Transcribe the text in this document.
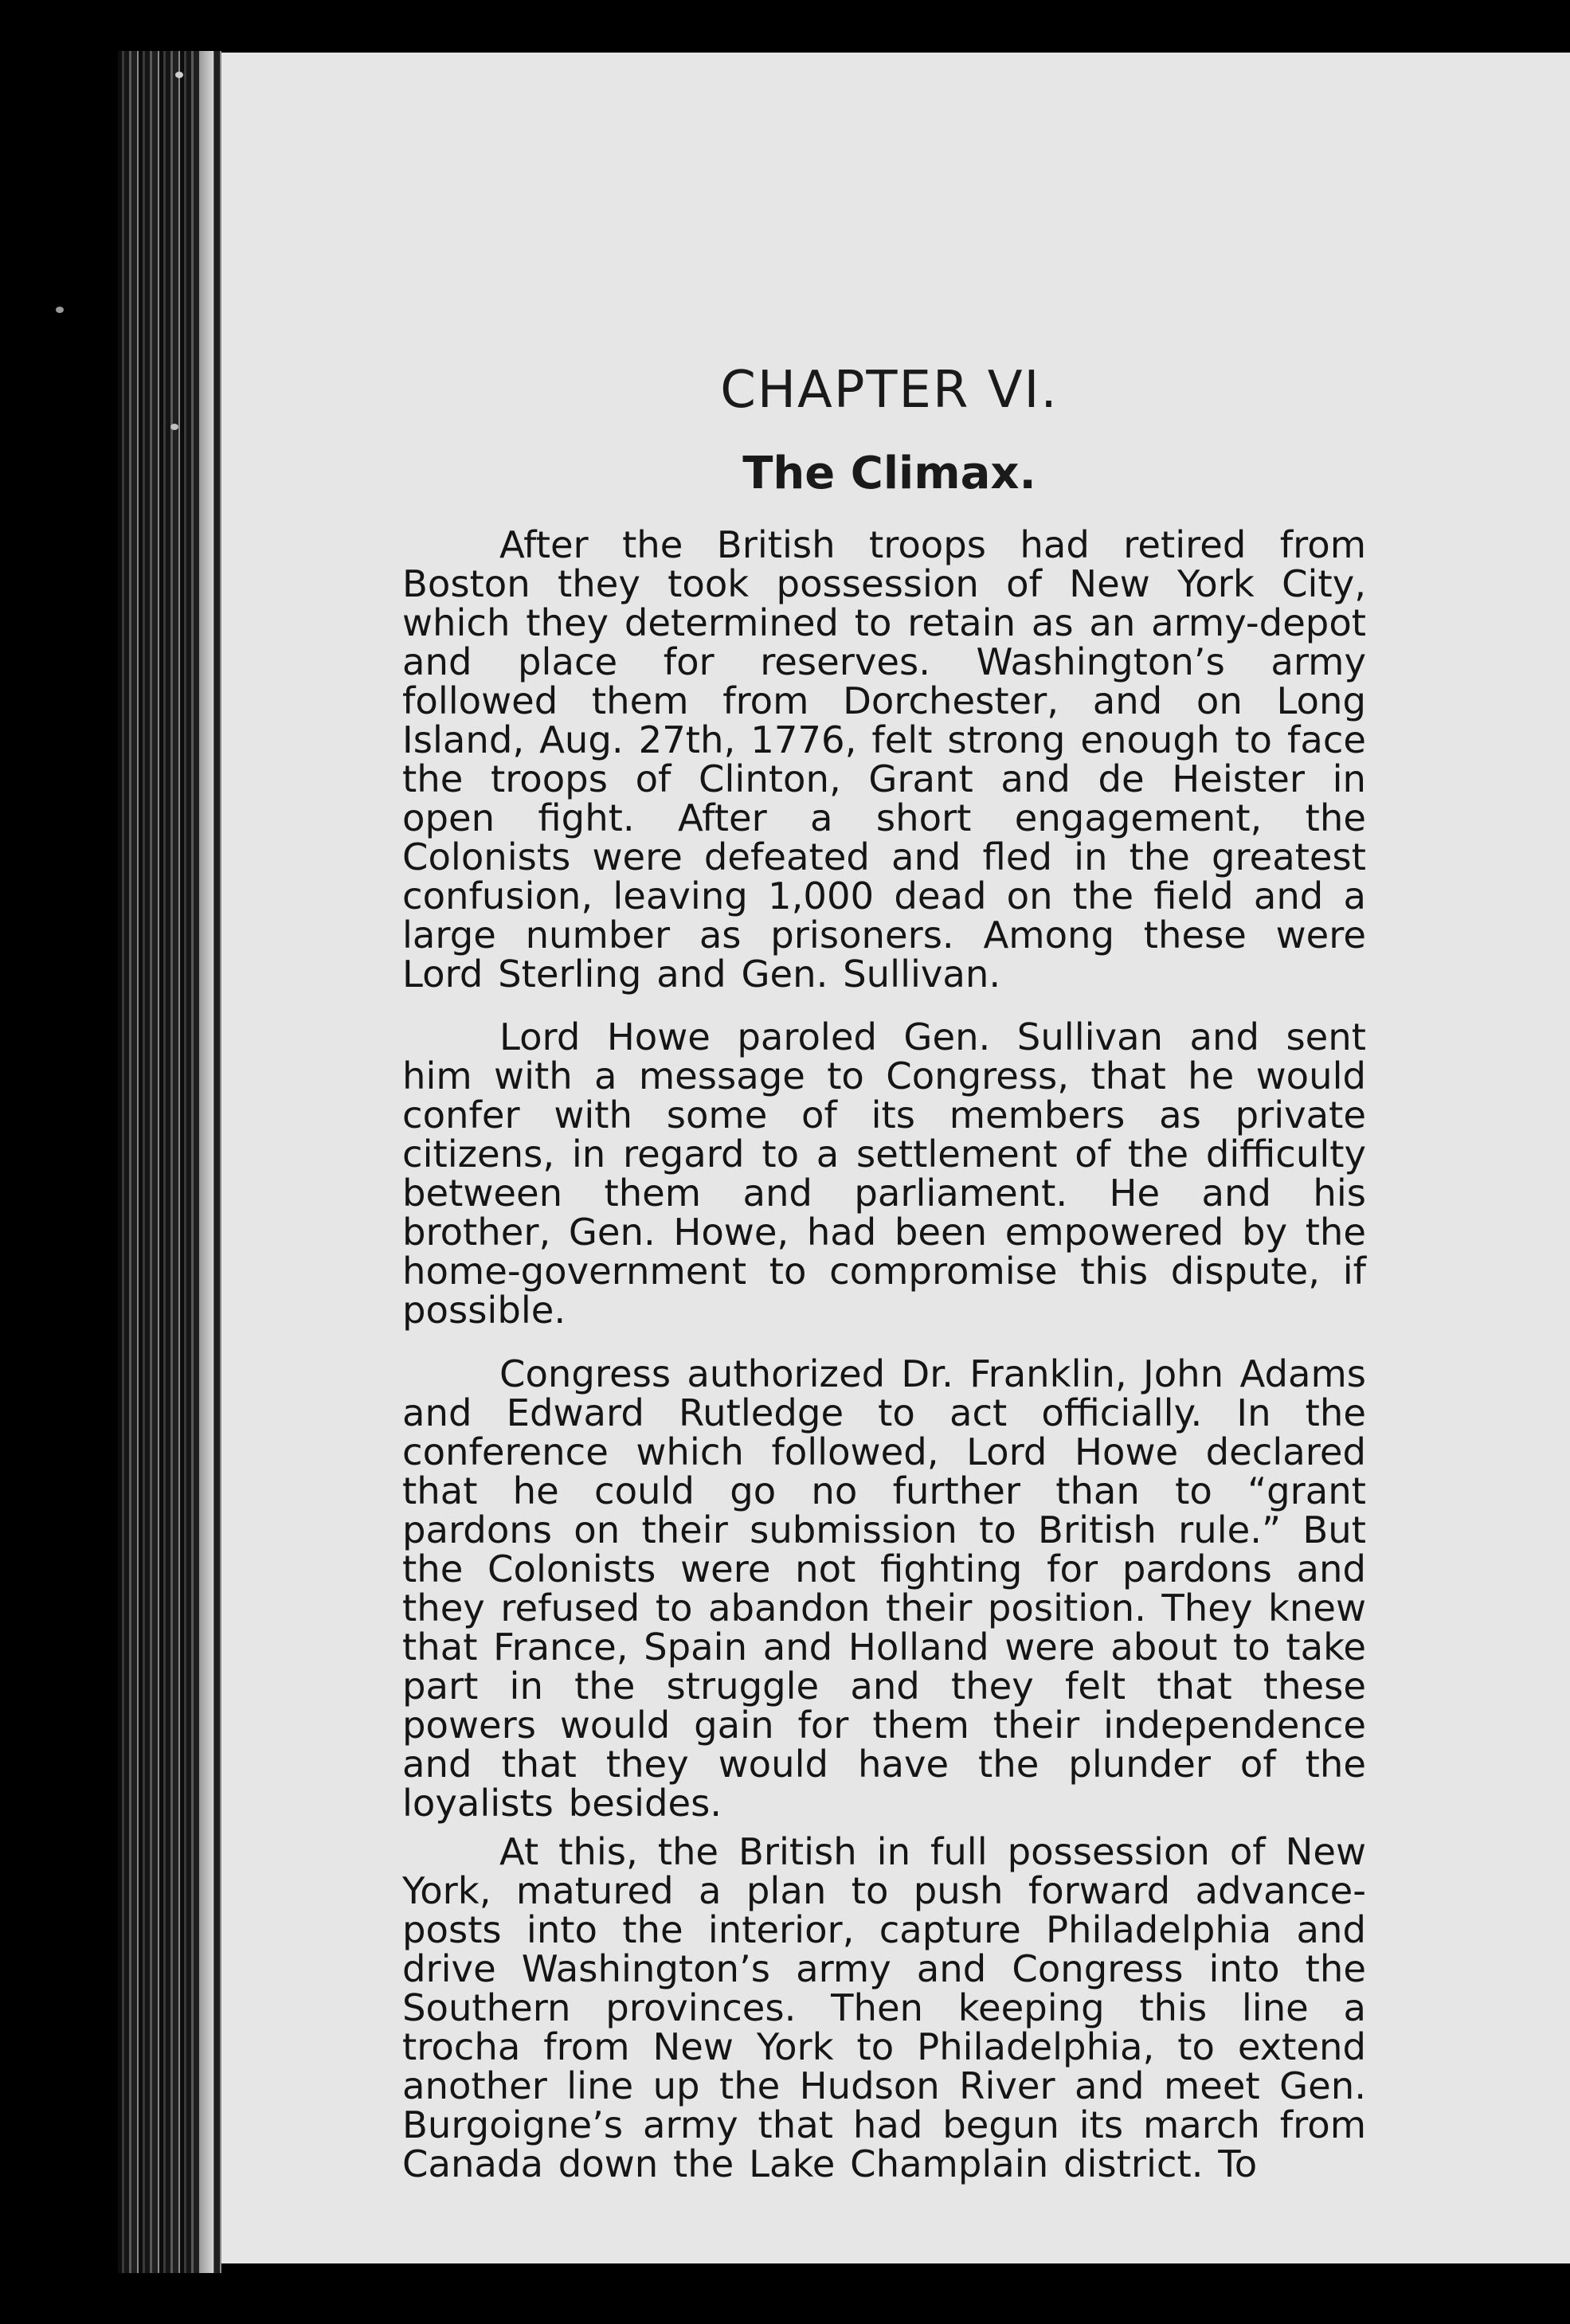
CHAPTER VI.
The Climax.

After the British troops had retired from Boston they took possession of New York City, which they determined to retain as an army-depot and place for reserves. Washington’s army followed them from Dorchester, and on Long Island, Aug. 27th, 1776, felt strong enough to face the troops of Clinton, Grant and de Heister in open fight. After a short engagement, the Colonists were defeated and fled in the greatest confusion, leaving 1,000 dead on the field and a large number as prisoners. Among these were Lord Sterling and Gen. Sullivan.

Lord Howe paroled Gen. Sullivan and sent him with a message to Congress, that he would confer with some of its members as private citizens, in regard to a settlement of the difficulty between them and parliament. He and his brother, Gen. Howe, had been empowered by the home-government to compromise this dispute, if possible.

Congress authorized Dr. Franklin, John Adams and Edward Rutledge to act officially. In the conference which followed, Lord Howe declared that he could go no further than to “grant pardons on their submission to British rule.” But the Colonists were not fighting for pardons and they refused to abandon their position. They knew that France, Spain and Holland were about to take part in the struggle and they felt that these powers would gain for them their independence and that they would have the plunder of the loyalists besides.

At this, the British in full possession of New York, matured a plan to push forward advance-posts into the interior, capture Philadelphia and drive Washington’s army and Congress into the Southern provinces. Then keeping this line a trocha from New York to Philadelphia, to extend another line up the Hudson River and meet Gen. Burgoigne’s army that had begun its march from Canada down the Lake Champlain district. To
